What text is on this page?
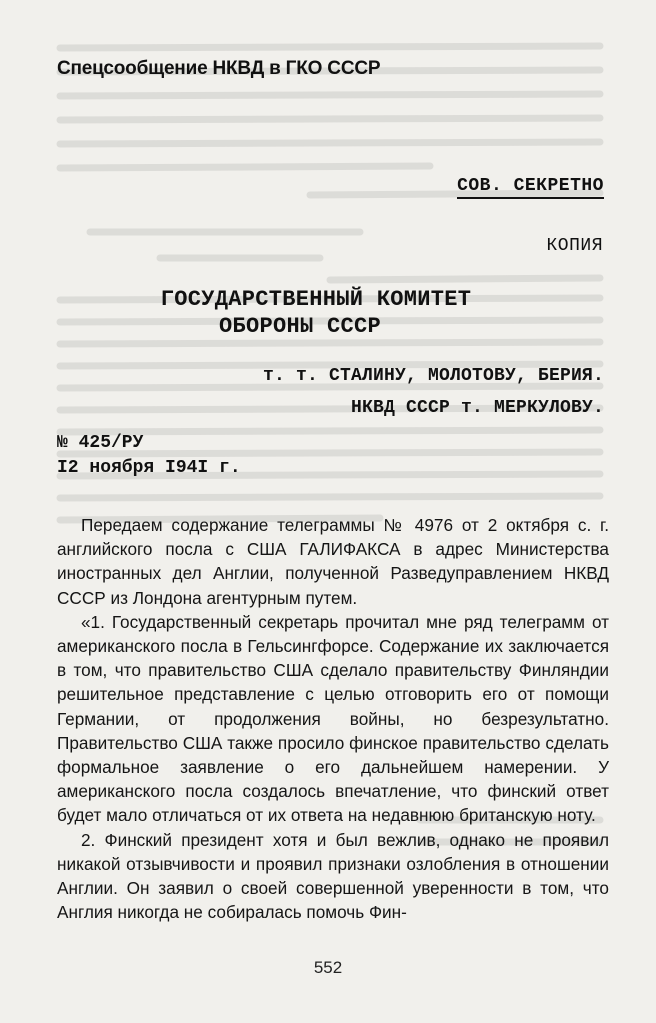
Спецсообщение НКВД в ГКО СССР
СОВ. СЕКРЕТНО
КОПИЯ
ГОСУДАРСТВЕННЫЙ КОМИТЕТ
ОБОРОНЫ СССР
т. т. СТАЛИНУ, МОЛОТОВУ, БЕРИЯ.
НКВД СССР т. МЕРКУЛОВУ.
№ 425/РУ
I2 ноября I94I г.

Передаем содержание телеграммы № 4976 от 2 октября с. г. английского посла с США ГАЛИФАКСА в адрес Министерства иностранных дел Англии, полученной Разведуправлением НКВД СССР из Лондона агентурным путем.

«1. Государственный секретарь прочитал мне ряд телеграмм от американского посла в Гельсингфорсе. Содержание их заключается в том, что правительство США сделало правительству Финляндии решительное представление с целью отговорить его от помощи Германии, от продолжения войны, но безрезультатно. Правительство США также просило финское правительство сделать формальное заявление о его дальнейшем намерении. У американского посла создалось впечатление, что финский ответ будет мало отличаться от их ответа на недавнюю британскую ноту.

2. Финский президент хотя и был вежлив, однако не проявил никакой отзывчивости и проявил признаки озлобления в отношении Англии. Он заявил о своей совершенной уверенности в том, что Англия никогда не собиралась помочь Фин-

552
